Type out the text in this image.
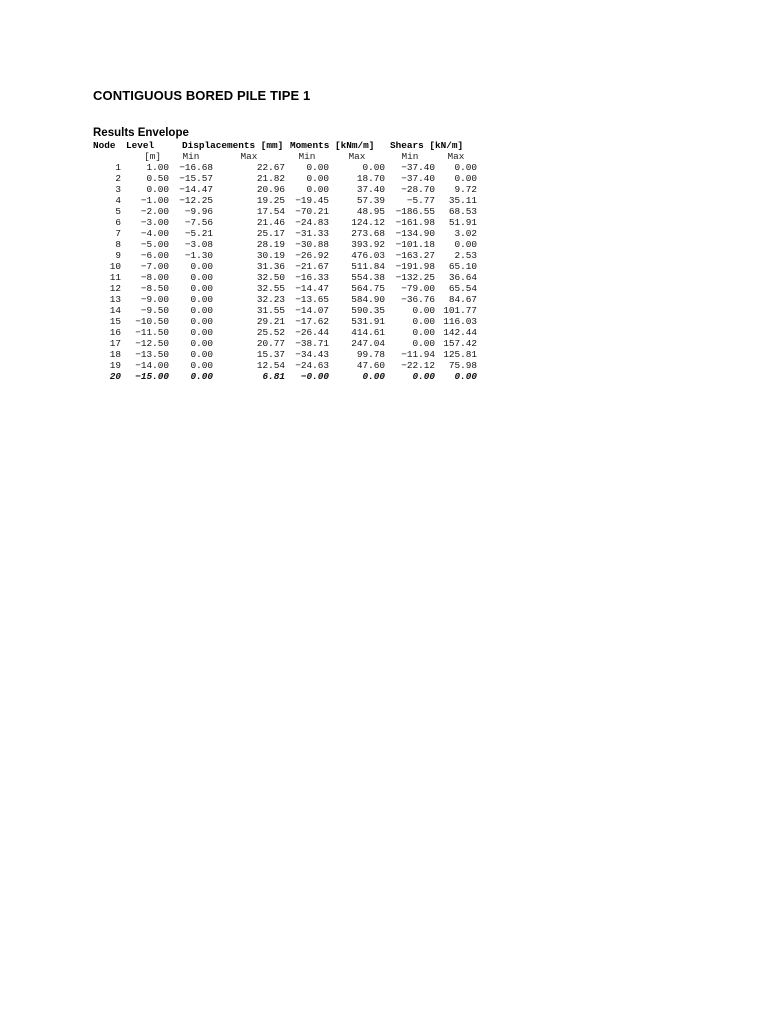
CONTIGUOUS BORED PILE TIPE 1
Results Envelope
Node	Level	Displacements [mm]		Moments [kNm/m]		Shears [kN/m]	
	[m]	Min	Max	Min	Max	Min	Max
1	1.00	−16.68	22.67	0.00	0.00	−37.40	0.00
2	0.50	−15.57	21.82	0.00	18.70	−37.40	0.00
3	0.00	−14.47	20.96	0.00	37.40	−28.70	9.72
4	−1.00	−12.25	19.25	−19.45	57.39	−5.77	35.11
5	−2.00	−9.96	17.54	−70.21	48.95	−186.55	68.53
6	−3.00	−7.56	21.46	−24.83	124.12	−161.98	51.91
7	−4.00	−5.21	25.17	−31.33	273.68	−134.90	3.02
8	−5.00	−3.08	28.19	−30.88	393.92	−101.18	0.00
9	−6.00	−1.30	30.19	−26.92	476.03	−163.27	2.53
10	−7.00	0.00	31.36	−21.67	511.84	−191.98	65.10
11	−8.00	0.00	32.50	−16.33	554.38	−132.25	36.64
12	−8.50	0.00	32.55	−14.47	564.75	−79.00	65.54
13	−9.00	0.00	32.23	−13.65	584.90	−36.76	84.67
14	−9.50	0.00	31.55	−14.07	590.35	0.00	101.77
15	−10.50	0.00	29.21	−17.62	531.91	0.00	116.03
16	−11.50	0.00	25.52	−26.44	414.61	0.00	142.44
17	−12.50	0.00	20.77	−38.71	247.04	0.00	157.42
18	−13.50	0.00	15.37	−34.43	99.78	−11.94	125.81
19	−14.00	0.00	12.54	−24.63	47.60	−22.12	75.98
20	−15.00	0.00	6.81	−0.00	0.00	0.00	0.00
